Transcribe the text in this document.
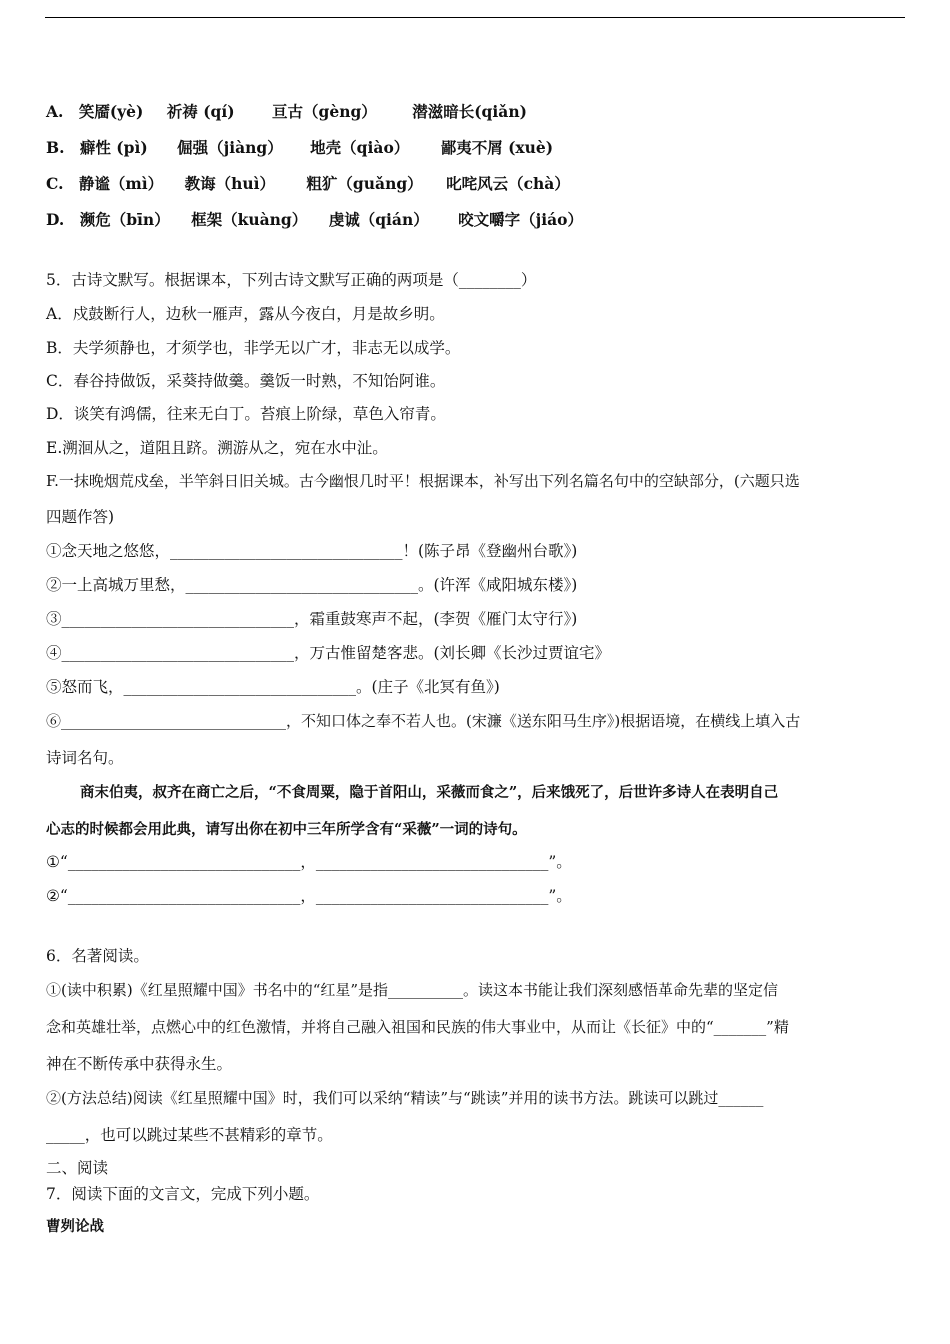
A. 笑靥(yè) 祈祷 (qí) 亘古（gèng） 潜滋暗长(qiǎn)
B. 癖性 (pì) 倔强（jiàng） 地壳（qiào） 鄙夷不屑 (xuè)
C. 静谧（mì） 教诲（huì） 粗犷（guǎng） 叱咤风云（chà）
D. 濒危（bīn） 框架（kuàng） 虔诚（qián） 咬文嚼字（jiáo）
5．古诗文默写。根据课本，下列古诗文默写正确的两项是（________）
A．戍鼓断行人，边秋一雁声，露从今夜白，月是故乡明。
B．夫学须静也，才须学也，非学无以广才，非志无以成学。
C．春谷持做饭，采葵持做羹。羹饭一时熟，不知饴阿谁。
D．谈笑有鸿儒，往来无白丁。苔痕上阶绿，草色入帘青。
E.溯洄从之，道阻且跻。溯游从之，宛在水中沚。
F.一抹晚烟荒戍垒，半竿斜日旧关城。古今幽恨几时平！根据课本，补写出下列名篇名句中的空缺部分，(六题只选
四题作答)
①念天地之悠悠，______________________________！(陈子昂《登幽州台歌》)
②一上高城万里愁，______________________________。(许浑《咸阳城东楼》)
③______________________________，霜重鼓寒声不起，(李贺《雁门太守行》)
④______________________________，万古惟留楚客悲。(刘长卿《长沙过贾谊宅》
⑤怒而飞，______________________________。(庄子《北冥有鱼》)
⑥______________________________，不知口体之奉不若人也。(宋濂《送东阳马生序》)根据语境，在横线上填入古
诗词名句。
商末伯夷，叔齐在商亡之后，“不食周粟，隐于首阳山，采薇而食之”，后来饿死了，后世许多诗人在表明自己
心志的时候都会用此典，请写出你在初中三年所学含有“采薇”一词的诗句。
①“______________________________，______________________________”。
②“______________________________，______________________________”。
6．名著阅读。
①(读中积累)《红星照耀中国》书名中的“红星”是指__________。读这本书能让我们深刻感悟革命先辈的坚定信
念和英雄壮举，点燃心中的红色激情，并将自己融入祖国和民族的伟大事业中，从而让《长征》中的“_______”精
神在不断传承中获得永生。
②(方法总结)阅读《红星照耀中国》时，我们可以采纳“精读”与“跳读”并用的读书方法。跳读可以跳过______
_____，也可以跳过某些不甚精彩的章节。
二、阅读
7．阅读下面的文言文，完成下列小题。
曹刿论战
